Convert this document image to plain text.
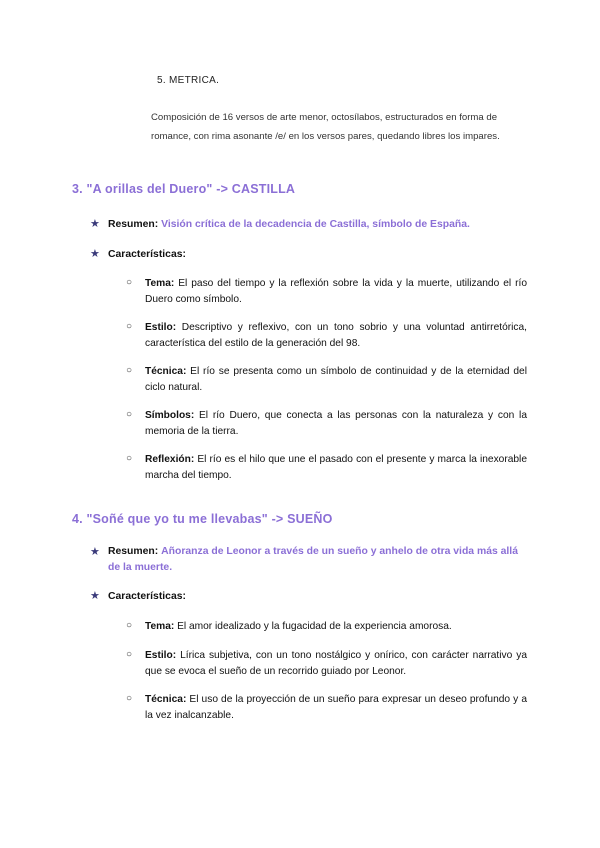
5. METRICA.
Composición de 16 versos de arte menor, octosílabos, estructurados en forma de romance, con rima asonante /e/ en los versos pares, quedando libres los impares.
3. "A orillas del Duero" -> CASTILLA
★ Resumen: Visión crítica de la decadencia de Castilla, símbolo de España.
★ Características:
○ Tema: El paso del tiempo y la reflexión sobre la vida y la muerte, utilizando el río Duero como símbolo.
○ Estilo: Descriptivo y reflexivo, con un tono sobrio y una voluntad antirretórica, característica del estilo de la generación del 98.
○ Técnica: El río se presenta como un símbolo de continuidad y de la eternidad del ciclo natural.
○ Símbolos: El río Duero, que conecta a las personas con la naturaleza y con la memoria de la tierra.
○ Reflexión: El río es el hilo que une el pasado con el presente y marca la inexorable marcha del tiempo.
4. "Soñé que yo tu me llevabas" -> SUEÑO
★ Resumen: Añoranza de Leonor a través de un sueño y anhelo de otra vida más allá de la muerte.
★ Características:
○ Tema: El amor idealizado y la fugacidad de la experiencia amorosa.
○ Estilo: Lírica subjetiva, con un tono nostálgico y onírico, con carácter narrativo ya que se evoca el sueño de un recorrido guiado por Leonor.
○ Técnica: El uso de la proyección de un sueño para expresar un deseo profundo y a la vez inalcanzable.
